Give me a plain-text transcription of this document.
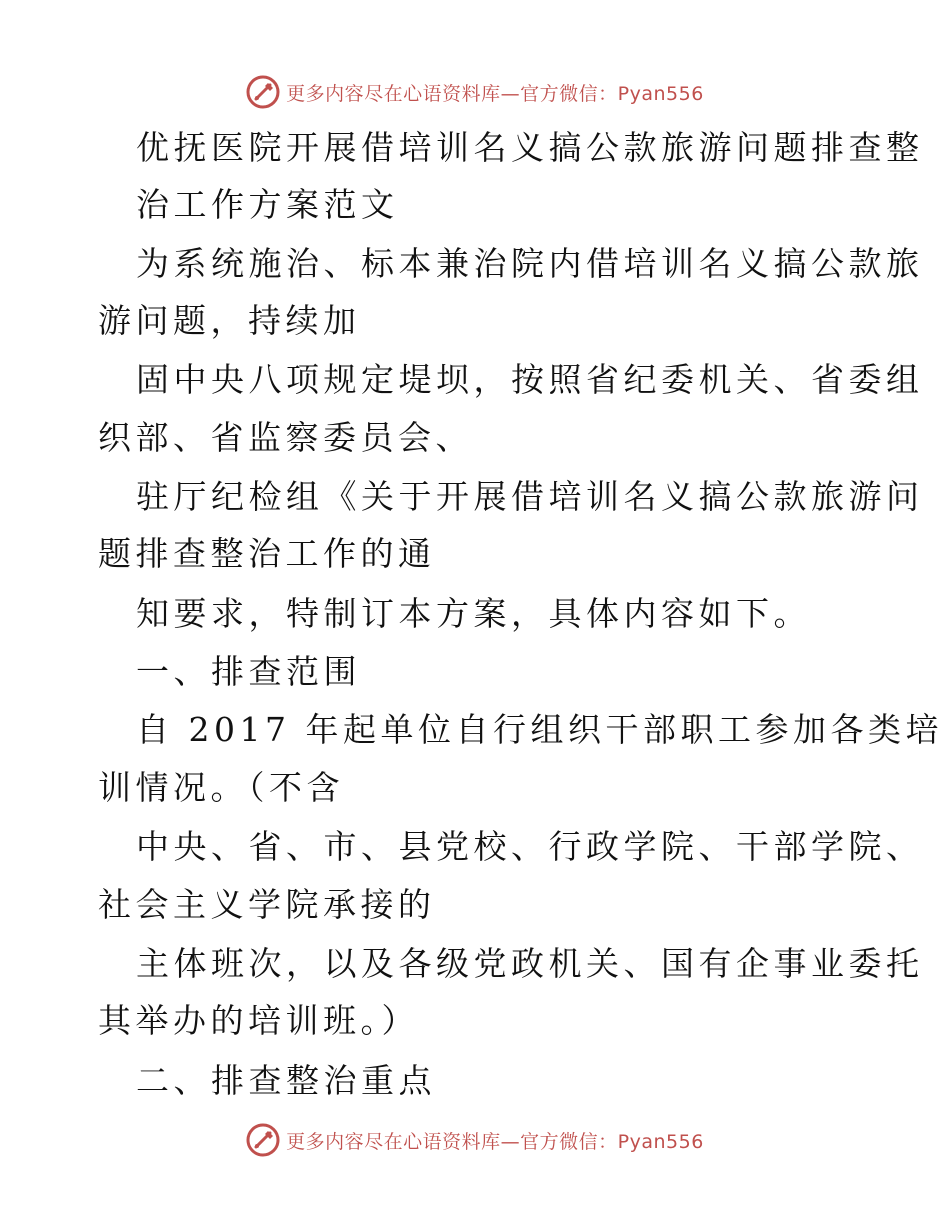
更多内容尽在心语资料库—官方微信：Pyan556
优抚医院开展借培训名义搞公款旅游问题排查整
治工作方案范文
为系统施治、标本兼治院内借培训名义搞公款旅
游问题，持续加
固中央八项规定堤坝，按照省纪委机关、省委组
织部、省监察委员会、
驻厅纪检组《关于开展借培训名义搞公款旅游问
题排查整治工作的通
知要求，特制订本方案，具体内容如下。
一、排查范围
自 2017 年起单位自行组织干部职工参加各类培
训情况。（不含
中央、省、市、县党校、行政学院、干部学院、
社会主义学院承接的
主体班次，以及各级党政机关、国有企事业委托
其举办的培训班。）
二、排查整治重点
更多内容尽在心语资料库—官方微信：Pyan556
